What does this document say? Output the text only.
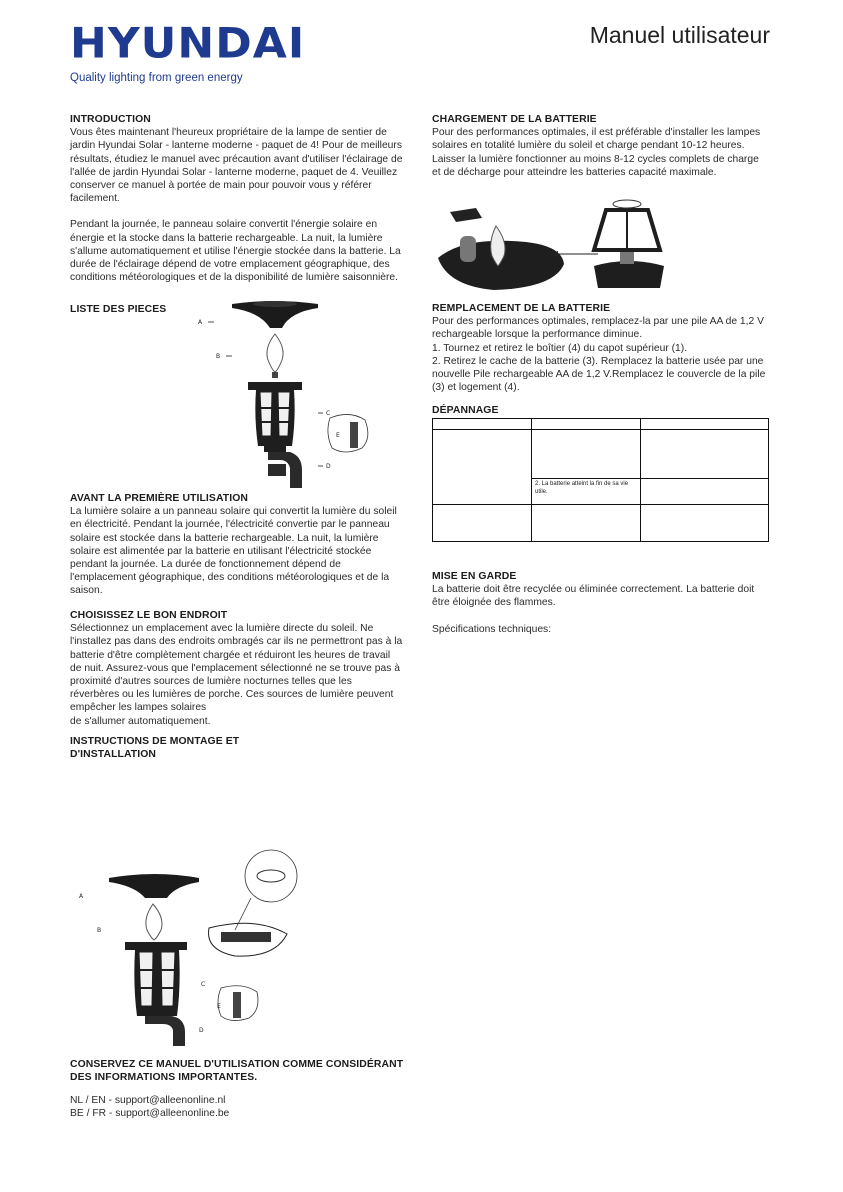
HYUNDAI
Quality lighting from green energy
Manuel utilisateur
INTRODUCTION

Vous êtes maintenant l'heureux propriétaire de la lampe de sentier de jardin Hyundai Solar - lanterne moderne - paquet de 4! Pour de meilleurs résultats, étudiez le manuel avec précaution avant d'utiliser l'éclairage de l'allée de jardin Hyundai Solar - lanterne moderne, paquet de 4. Veuillez conserver ce manuel à portée de main pour pouvoir vous y référer facilement.

Pendant la journée, le panneau solaire convertit l'énergie solaire en énergie et la stocke dans la batterie rechargeable. La nuit, la lumière s'allume automatiquement et utilise l'énergie stockée dans la batterie. La durée de l'éclairage dépend de votre emplacement géographique, des conditions météorologiques et de la disponibilité de lumière saisonnière.

LISTE DES PIECES
A
B
C
E
D
AVANT LA PREMIÈRE UTILISATION

La lumière solaire a un panneau solaire qui convertit la lumière du soleil en électricité. Pendant la journée, l'électricité convertie par le panneau solaire est stockée dans la batterie rechargeable. La nuit, la lumière solaire est alimentée par la batterie en utilisant l'électricité stockée pendant la journée. La durée de fonctionnement dépend de l'emplacement géographique, des conditions météorologiques et de la saison.

CHOISISSEZ LE BON ENDROIT
Sélectionnez un emplacement avec la lumière directe du soleil. Ne l'installez pas dans des endroits ombragés car ils ne permettront pas à la batterie d'être complètement chargée et réduiront les heures de travail de nuit. Assurez-vous que l'emplacement sélectionné ne se trouve pas à proximité d'autres sources de lumière nocturnes telles que les réverbères ou les lumières de porche. Ces sources de lumière peuvent empêcher les lampes solaires
de s'allumer automatiquement.
INSTRUCTIONS DE MONTAGE ET
D'INSTALLATION
A
B
C
E
D
CONSERVEZ CE MANUEL D'UTILISATION COMME CONSIDÉRANT
DES INFORMATIONS IMPORTANTES.
NL / EN - support@alleenonline.nl
BE / FR - support@alleenonline.be
CHARGEMENT DE LA BATTERIE

Pour des performances optimales, il est préférable d'installer les lampes solaires en totalité lumière du soleil et charge pendant 10-12 heures. Laisser la lumière fonctionner au moins 8-12 cycles complets de charge et de décharge pour atteindre les batteries capacité maximale.

REMPLACEMENT DE LA BATTERIE
Pour des performances optimales, remplacez-la par une pile AA de 1,2 V rechargeable lorsque la performance diminue.
1. Tournez et retirez le boîtier (4) du capot supérieur (1).
2. Retirez le cache de la batterie (3). Remplacez la batterie usée par une nouvelle Pile rechargeable AA de 1,2 V.Remplacez le couvercle de la pile (3) et logement (4).
DÉPANNAGE

	2. La batterie atteint la fin de sa vie utile.	

MISE EN GARDE

La batterie doit être recyclée ou éliminée correctement. La batterie doit être éloignée des flammes.

Spécifications techniques:
